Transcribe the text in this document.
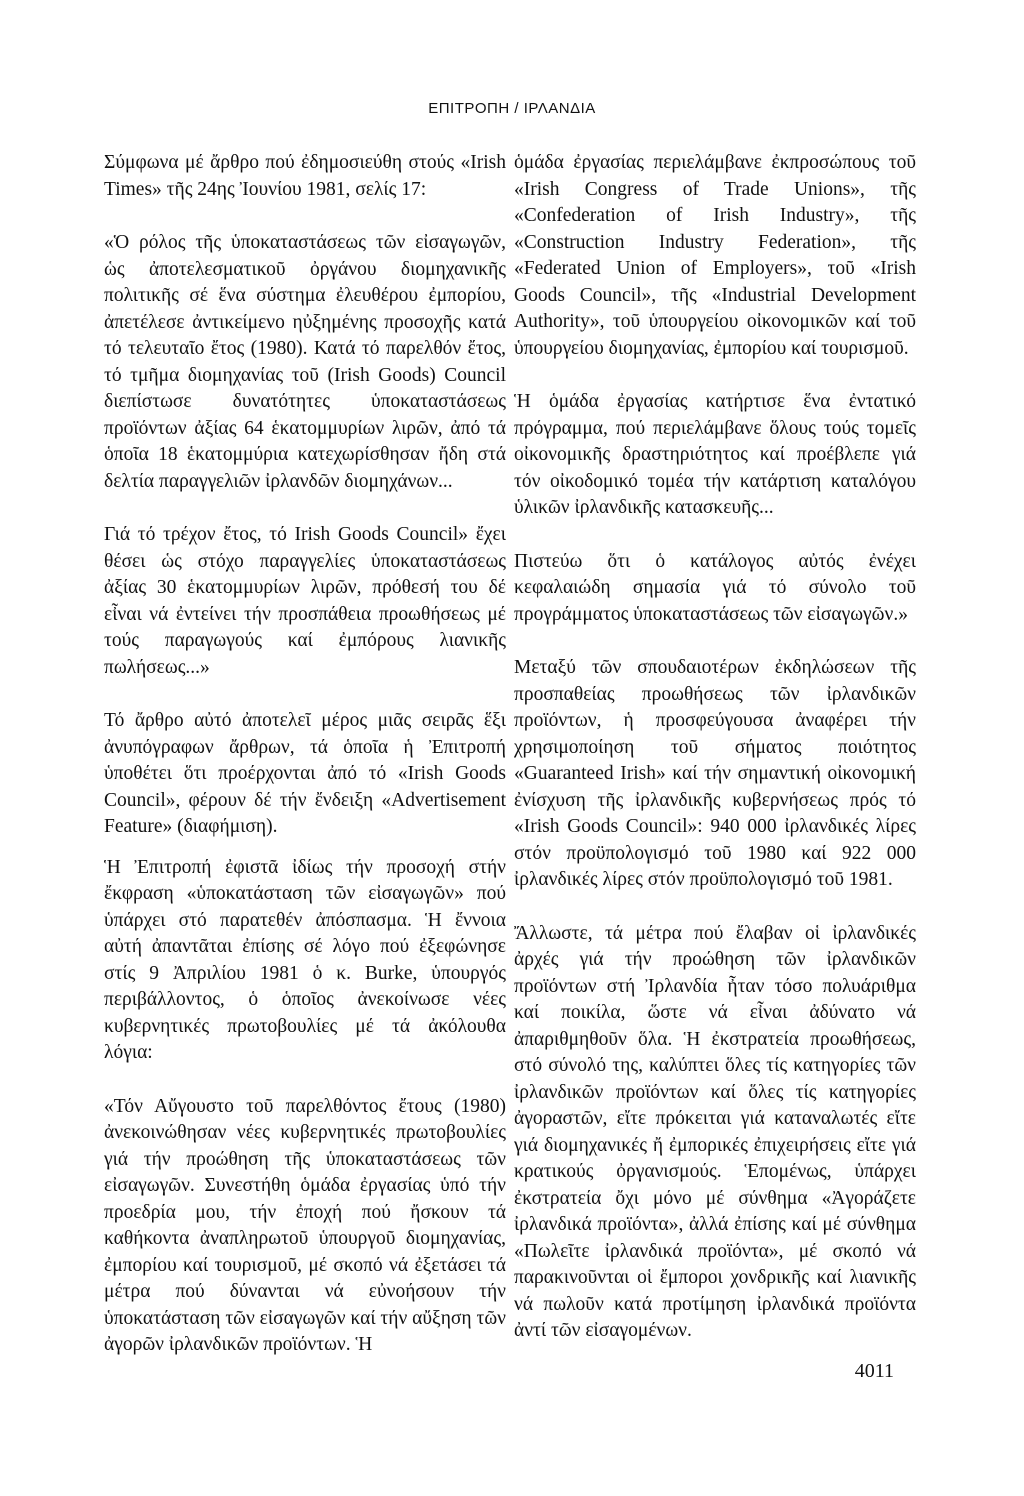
ΕΠΙΤΡΟΠΗ / ΙΡΛΑΝΔΙΑ

Σύμφωνα μέ ἄρθρο πού ἐδημοσιεύθη στούς «Irish Times» τῆς 24ης Ἰουνίου 1981, σελίς 17:

«Ὁ ρόλος τῆς ὑποκαταστάσεως τῶν εἰσαγωγῶν, ὡς ἀποτελεσματικοῦ ὀργάνου διομηχανικῆς πολιτικῆς σέ ἕνα σύστημα ἐλευθέρου ἐμπορίου, ἀπετέλεσε ἀντικείμενο ηὐξημένης προσοχῆς κατά τό τελευταῖο ἔτος (1980). Κατά τό παρελθόν ἔτος, τό τμῆμα διομηχανίας τοῦ (Irish Goods) Council διεπίστωσε δυνατότητες ὑποκαταστάσεως προϊόντων ἀξίας 64 ἑκατομμυρίων λιρῶν, ἀπό τά ὁποῖα 18 ἑκατομμύρια κατεχωρίσθησαν ἤδη στά δελτία παραγγελιῶν ἰρλανδῶν διομηχάνων...

Γιά τό τρέχον ἔτος, τό Irish Goods Council» ἔχει θέσει ὡς στόχο παραγγελίες ὑποκαταστάσεως ἀξίας 30 ἑκατομμυρίων λιρῶν, πρόθεσή του δέ εἶναι νά ἐντείνει τήν προσπάθεια προωθήσεως μέ τούς παραγωγούς καί ἐμπόρους λιανικῆς πωλήσεως...»

Τό ἄρθρο αὐτό ἀποτελεῖ μέρος μιᾶς σειρᾶς ἕξι ἀνυπόγραφων ἄρθρων, τά ὁποῖα ἡ Ἐπιτροπή ὑποθέτει ὅτι προέρχονται ἀπό τό «Irish Goods Council», φέρουν δέ τήν ἔνδειξη «Advertisement Feature» (διαφήμιση).

Ἡ Ἐπιτροπή ἐφιστᾶ ἰδίως τήν προσοχή στήν ἔκφραση «ὑποκατάσταση τῶν εἰσαγωγῶν» πού ὑπάρχει στό παρατεθέν ἀπόσπασμα. Ἡ ἔννοια αὐτή ἀπαντᾶται ἐπίσης σέ λόγο πού ἐξεφώνησε στίς 9 Ἀπριλίου 1981 ὁ κ. Burke, ὑπουργός περιβάλλοντος, ὁ ὁποῖος ἀνεκοίνωσε νέες κυβερνητικές πρωτοβουλίες μέ τά ἀκόλουθα λόγια:

«Τόν Αὔγουστο τοῦ παρελθόντος ἔτους (1980) ἀνεκοινώθησαν νέες κυβερνητικές πρωτοβουλίες γιά τήν προώθηση τῆς ὑποκαταστάσεως τῶν εἰσαγωγῶν. Συνεστήθη ὁμάδα ἐργασίας ὑπό τήν προεδρία μου, τήν ἐποχή πού ἤσκουν τά καθήκοντα ἀναπληρωτοῦ ὑπουργοῦ διομηχανίας, ἐμπορίου καί τουρισμοῦ, μέ σκοπό νά ἐξετάσει τά μέτρα πού δύνανται νά εὐνοήσουν τήν ὑποκατάσταση τῶν εἰσαγωγῶν καί τήν αὔξηση τῶν ἀγορῶν ἰρλανδικῶν προϊόντων. Ἡ

ὁμάδα ἐργασίας περιελάμβανε ἐκπροσώπους τοῦ «Irish Congress of Trade Unions», τῆς «Confederation of Irish Industry», τῆς «Construction Industry Federation», τῆς «Federated Union of Employers», τοῦ «Irish Goods Council», τῆς «Industrial Development Authority», τοῦ ὑπουργείου οἰκονομικῶν καί τοῦ ὑπουργείου διομηχανίας, ἐμπορίου καί τουρισμοῦ.

Ἡ ὁμάδα ἐργασίας κατήρτισε ἕνα ἐντατικό πρόγραμμα, πού περιελάμβανε ὅλους τούς τομεῖς οἰκονομικῆς δραστηριότητος καί προέβλεπε γιά τόν οἰκοδομικό τομέα τήν κατάρτιση καταλόγου ὑλικῶν ἰρλανδικῆς κατασκευῆς...

Πιστεύω ὅτι ὁ κατάλογος αὐτός ἐνέχει κεφαλαιώδη σημασία γιά τό σύνολο τοῦ προγράμματος ὑποκαταστάσεως τῶν εἰσαγωγῶν.»

Μεταξύ τῶν σπουδαιοτέρων ἐκδηλώσεων τῆς προσπαθείας προωθήσεως τῶν ἰρλανδικῶν προϊόντων, ἡ προσφεύγουσα ἀναφέρει τήν χρησιμοποίηση τοῦ σήματος ποιότητος «Guaranteed Irish» καί τήν σημαντική οἰκονομική ἐνίσχυση τῆς ἰρλανδικῆς κυβερνήσεως πρός τό «Irish Goods Council»: 940 000 ἰρλανδικές λίρες στόν προϋπολογισμό τοῦ 1980 καί 922 000 ἰρλανδικές λίρες στόν προϋπολογισμό τοῦ 1981.

Ἄλλωστε, τά μέτρα πού ἔλαβαν οἱ ἰρλανδικές ἀρχές γιά τήν προώθηση τῶν ἰρλανδικῶν προϊόντων στή Ἰρλανδία ἦταν τόσο πολυάριθμα καί ποικίλα, ὥστε νά εἶναι ἀδύνατο νά ἀπαριθμηθοῦν ὅλα. Ἡ ἐκστρατεία προωθήσεως, στό σύνολό της, καλύπτει ὅλες τίς κατηγορίες τῶν ἰρλανδικῶν προϊόντων καί ὅλες τίς κατηγορίες ἀγοραστῶν, εἴτε πρόκειται γιά καταναλωτές εἴτε γιά διομηχανικές ἤ ἐμπορικές ἐπιχειρήσεις εἴτε γιά κρατικούς ὀργανισμούς. Ἑπομένως, ὑπάρχει ἐκστρατεία ὄχι μόνο μέ σύνθημα «Ἀγοράζετε ἰρλανδικά προϊόντα», ἀλλά ἐπίσης καί μέ σύνθημα «Πωλεῖτε ἰρλανδικά προϊόντα», μέ σκοπό νά παρακινοῦνται οἱ ἔμποροι χονδρικῆς καί λιανικῆς νά πωλοῦν κατά προτίμηση ἰρλανδικά προϊόντα ἀντί τῶν εἰσαγομένων.

4011
